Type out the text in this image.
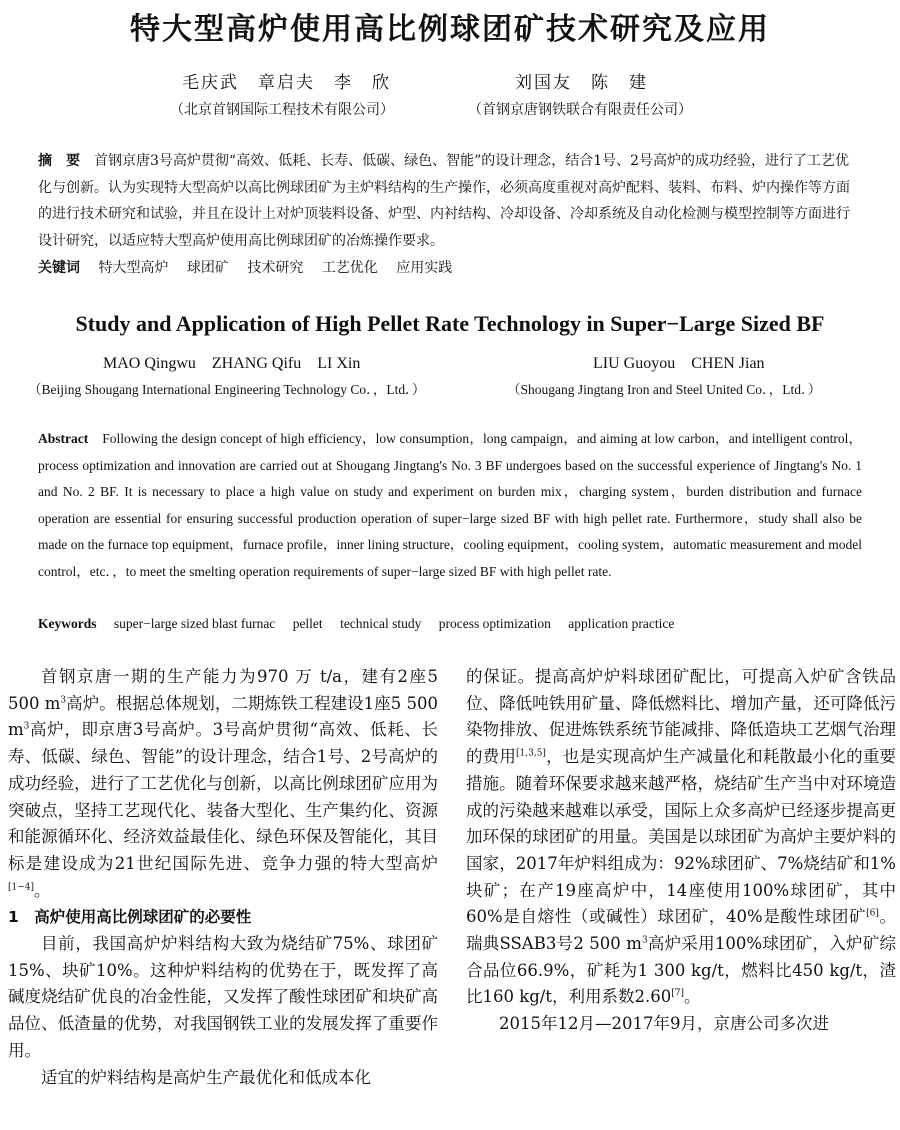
特大型高炉使用高比例球团矿技术研究及应用
毛庆武　章启夫　李　欣	刘国友　陈　建
（北京首钢国际工程技术有限公司）	（首钢京唐钢铁联合有限责任公司）
摘　要 首钢京唐3号高炉贯彻“高效、低耗、长寿、低碳、绿色、智能”的设计理念，结合1号、2号高炉的成功经验，进行了工艺优化与创新。认为实现特大型高炉以高比例球团矿为主炉料结构的生产操作，必须高度重视对高炉配料、装料、布料、炉内操作等方面的进行技术研究和试验，并且在设计上对炉顶装料设备、炉型、内衬结构、冷却设备、冷却系统及自动化检测与模型控制等方面进行设计研究，以适应特大型高炉使用高比例球团矿的冶炼操作要求。
关键词 特大型高炉 球团矿 技术研究 工艺优化 应用实践
Study and Application of High Pellet Rate Technology in Super−Large Sized BF
MAO Qingwu　ZHANG Qifu　LI Xin	LIU Guoyou　CHEN Jian
（Beijing Shougang International Engineering Technology Co．，Ltd．）	（Shougang Jingtang Iron and Steel United Co．，Ltd．）
Abstract Following the design concept of high efficiency，low consumption，long campaign，and aiming at low carbon，and intelligent control，process optimization and innovation are carried out at Shougang Jingtang's No. 3 BF undergoes based on the successful experience of Jingtang's No. 1 and No. 2 BF. It is necessary to place a high value on study and experiment on burden mix，charging system，burden distribution and furnace operation are essential for ensuring successful production operation of super−large sized BF with high pellet rate. Furthermore，study shall also be made on the furnace top equipment，furnace profile，inner lining structure，cooling equipment，cooling system，automatic measurement and model control，etc．，to meet the smelting operation requirements of super−large sized BF with high pellet rate.
Keywords super−large sized blast furnac pellet technical study process optimization application practice
首钢京唐一期的生产能力为970 万 t/a，建有2座5 500 $m^3$高炉。根据总体规划，二期炼铁工程建设1座5 500 $m^3$高炉，即京唐3号高炉。3号高炉贯彻“高效、低耗、长寿、低碳、绿色、智能”的设计理念，结合1号、2号高炉的成功经验，进行了工艺优化与创新，以高比例球团矿应用为突破点，坚持工艺现代化、装备大型化、生产集约化、资源和能源循环化、经济效益最佳化、绿色环保及智能化，其目标是建设成为21世纪国际先进、竞争力强的特大型高炉[1−4]。
1　高炉使用高比例球团矿的必要性
目前，我国高炉炉料结构大致为烧结矿75%、球团矿15%、块矿10%。这种炉料结构的优势在于，既发挥了高碱度烧结矿优良的冶金性能，又发挥了酸性球团矿和块矿高品位、低渣量的优势，对我国钢铁工业的发展发挥了重要作用。
适宜的炉料结构是高炉生产最优化和低成本化
的保证。提高高炉炉料球团矿配比，可提高入炉矿含铁品位、降低吨铁用矿量、降低燃料比、增加产量，还可降低污染物排放、促进炼铁系统节能减排、降低造块工艺烟气治理的费用[1,3,5]，也是实现高炉生产减量化和耗散最小化的重要措施。随着环保要求越来越严格，烧结矿生产当中对环境造成的污染越来越难以承受，国际上众多高炉已经逐步提高更加环保的球团矿的用量。美国是以球团矿为高炉主要炉料的国家，2017年炉料组成为：92%球团矿、7%烧结矿和1%块矿；在产19座高炉中，14座使用100%球团矿，其中60%是自熔性（或碱性）球团矿，40%是酸性球团矿[6]。瑞典SSAB3号2 500 $m^3$高炉采用100%球团矿，入炉矿综合品位66.9%，矿耗为1 300 kg/t，燃料比450 kg/t，渣比160 kg/t，利用系数2.60[7]。
2015年12月—2017年9月，京唐公司多次进
